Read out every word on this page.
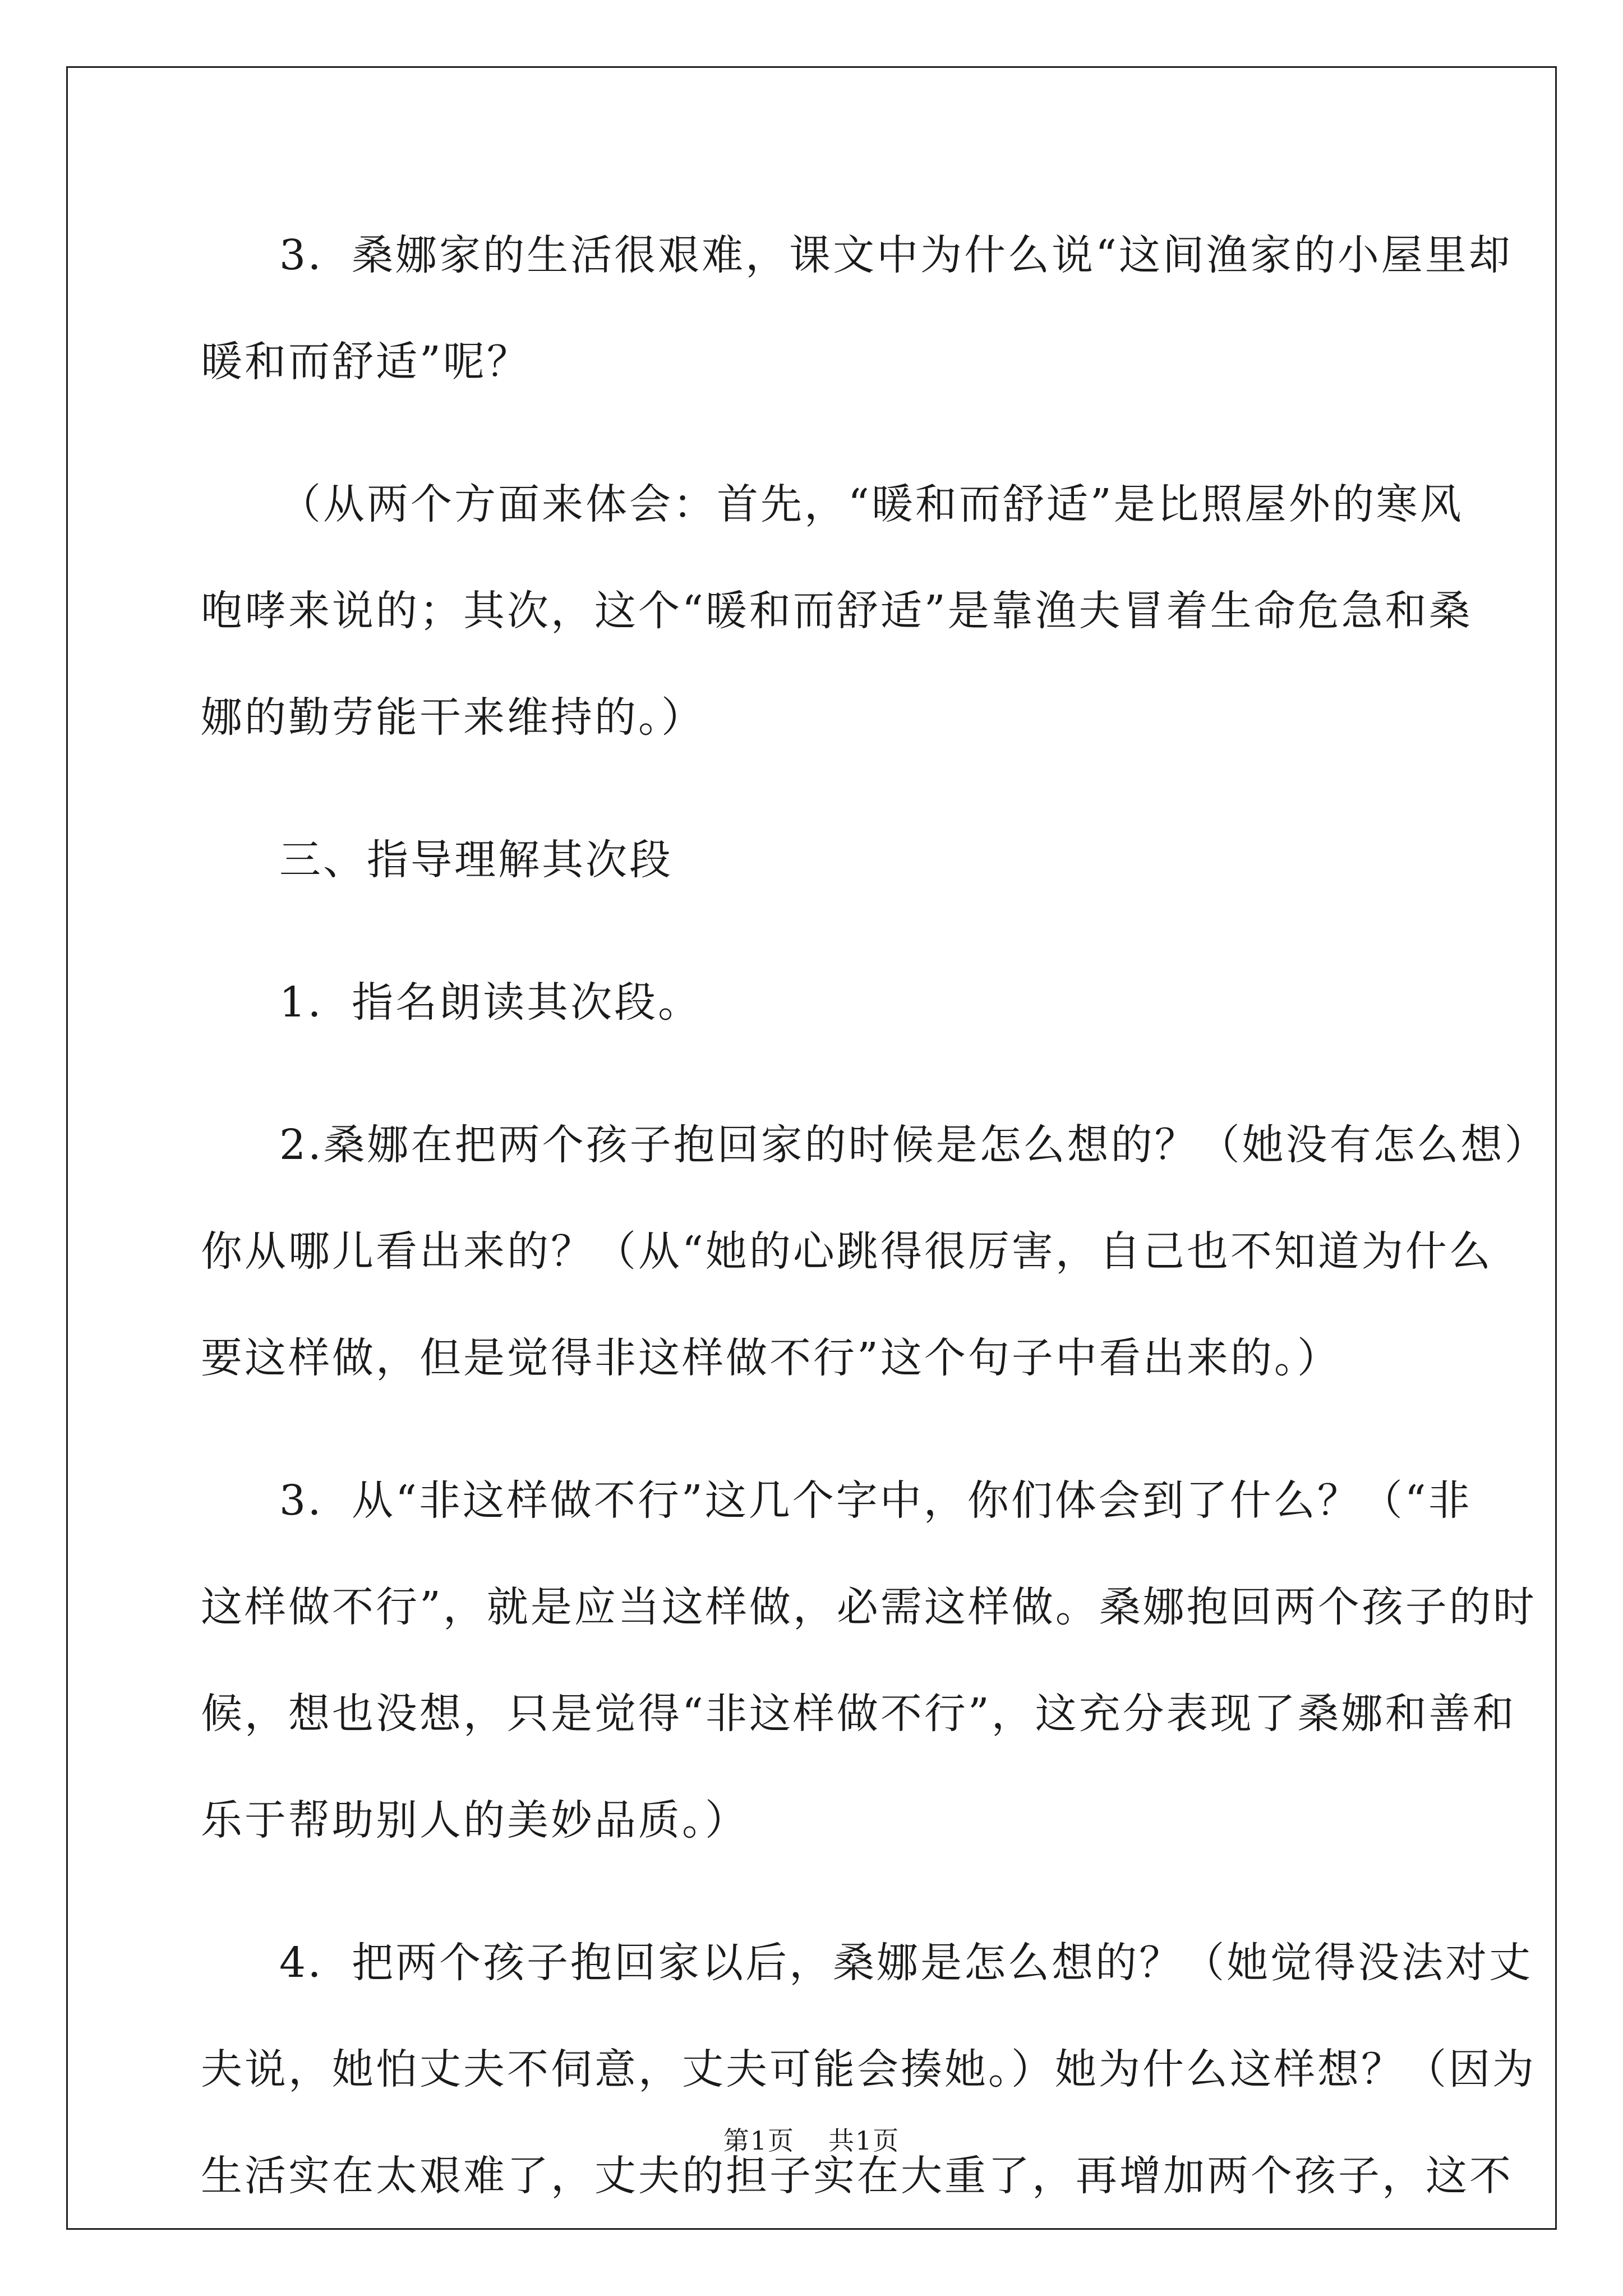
3．桑娜家的生活很艰难，课文中为什么说“这间渔家的小屋里却
暖和而舒适”呢？

（从两个方面来体会：首先，“暖和而舒适”是比照屋外的寒风
咆哮来说的；其次，这个“暖和而舒适”是靠渔夫冒着生命危急和桑
娜的勤劳能干来维持的。）

三、指导理解其次段

1．指名朗读其次段。

2.桑娜在把两个孩子抱回家的时候是怎么想的？（她没有怎么想）
你从哪儿看出来的？（从“她的心跳得很厉害，自己也不知道为什么
要这样做，但是觉得非这样做不行”这个句子中看出来的。）

3．从“非这样做不行”这几个字中，你们体会到了什么？（“非
这样做不行”，就是应当这样做，必需这样做。桑娜抱回两个孩子的时
候，想也没想，只是觉得“非这样做不行”，这充分表现了桑娜和善和
乐于帮助别人的美妙品质。）

4．把两个孩子抱回家以后，桑娜是怎么想的？（她觉得没法对丈
夫说，她怕丈夫不伺意，丈夫可能会揍她。）她为什么这样想？（因为
生活实在太艰难了，丈夫的担子实在大重了，再增加两个孩子，这不

第1页 共1页
